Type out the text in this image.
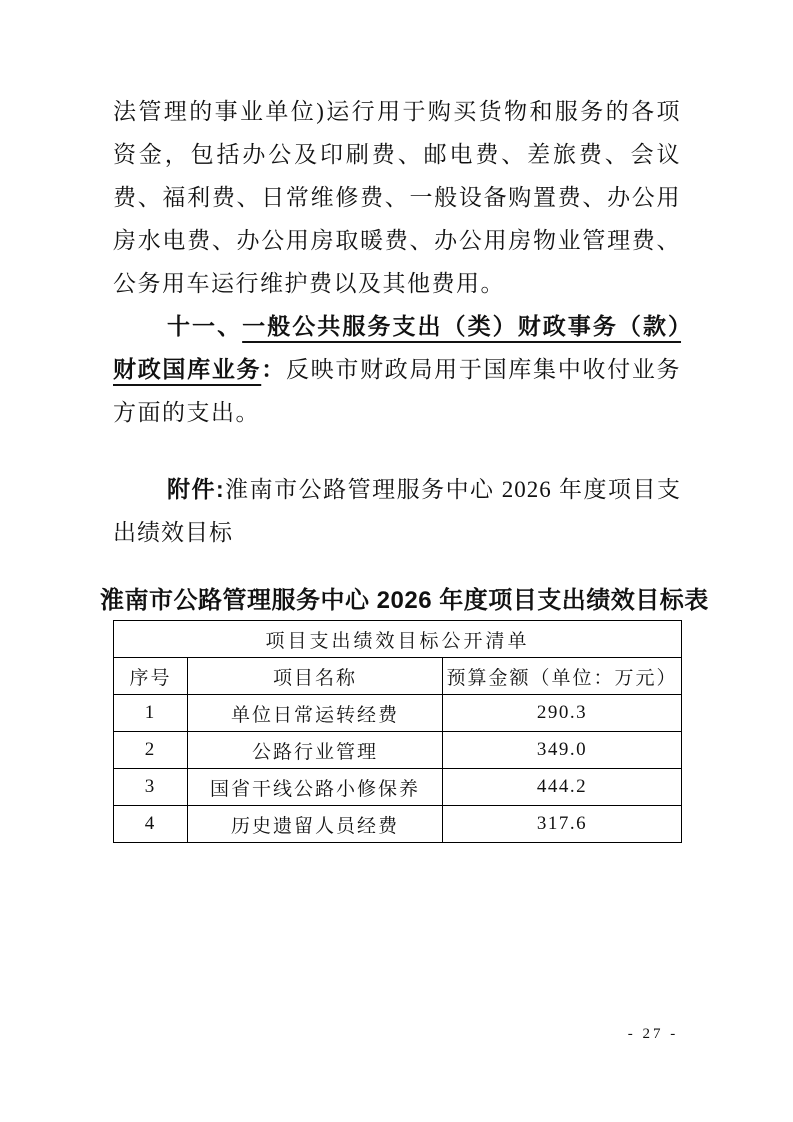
法管理的事业单位)运行用于购买货物和服务的各项资金，包括办公及印刷费、邮电费、差旅费、会议费、福利费、日常维修费、一般设备购置费、办公用房水电费、办公用房取暖费、办公用房物业管理费、公务用车运行维护费以及其他费用。

十一、一般公共服务支出（类）财政事务（款）财政国库业务：反映市财政局用于国库集中收付业务方面的支出。

附件:淮南市公路管理服务中心 2026 年度项目支出绩效目标
淮南市公路管理服务中心 2026 年度项目支出绩效目标表
项目支出绩效目标公开清单		
序号	项目名称	预算金额（单位：万元）
1	单位日常运转经费	290.3
2	公路行业管理	349.0
3	国省干线公路小修保养	444.2
4	历史遗留人员经费	317.6
- 27 -
